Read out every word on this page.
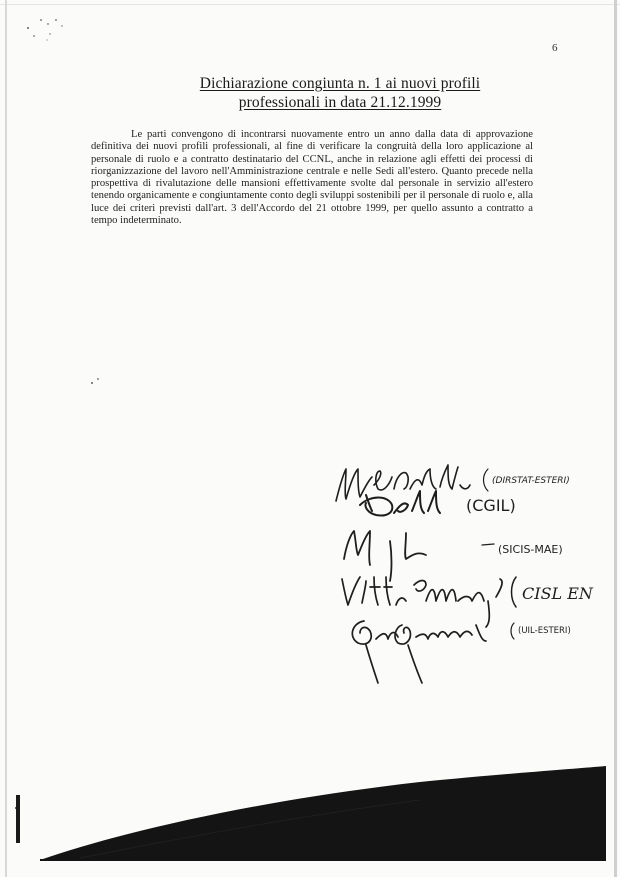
6
Dichiarazione congiunta n. 1 ai nuovi profili
professionali in data 21.12.1999

Le parti convengono di incontrarsi nuovamente entro un anno dalla data di approvazione definitiva dei nuovi profili professionali, al fine di verificare la congruità della loro applicazione al personale di ruolo e a contratto destinatario del CCNL, anche in relazione agli effetti dei processi di riorganizzazione del lavoro nell'Amministrazione centrale e nelle Sedi all'estero. Quanto precede nella prospettiva di rivalutazione delle mansioni effettivamente svolte dal personale in servizio all'estero tenendo organicamente e congiuntamente conto degli sviluppi sostenibili per il personale di ruolo e, alla luce dei criteri previsti dall'art. 3 dell'Accordo del 21 ottobre 1999, per quello assunto a contratto a tempo indeterminato.

(DIRSTAT-ESTERI)
(CGIL)
(SICIS-MAE)
CISL EN
(UIL-ESTERI)
